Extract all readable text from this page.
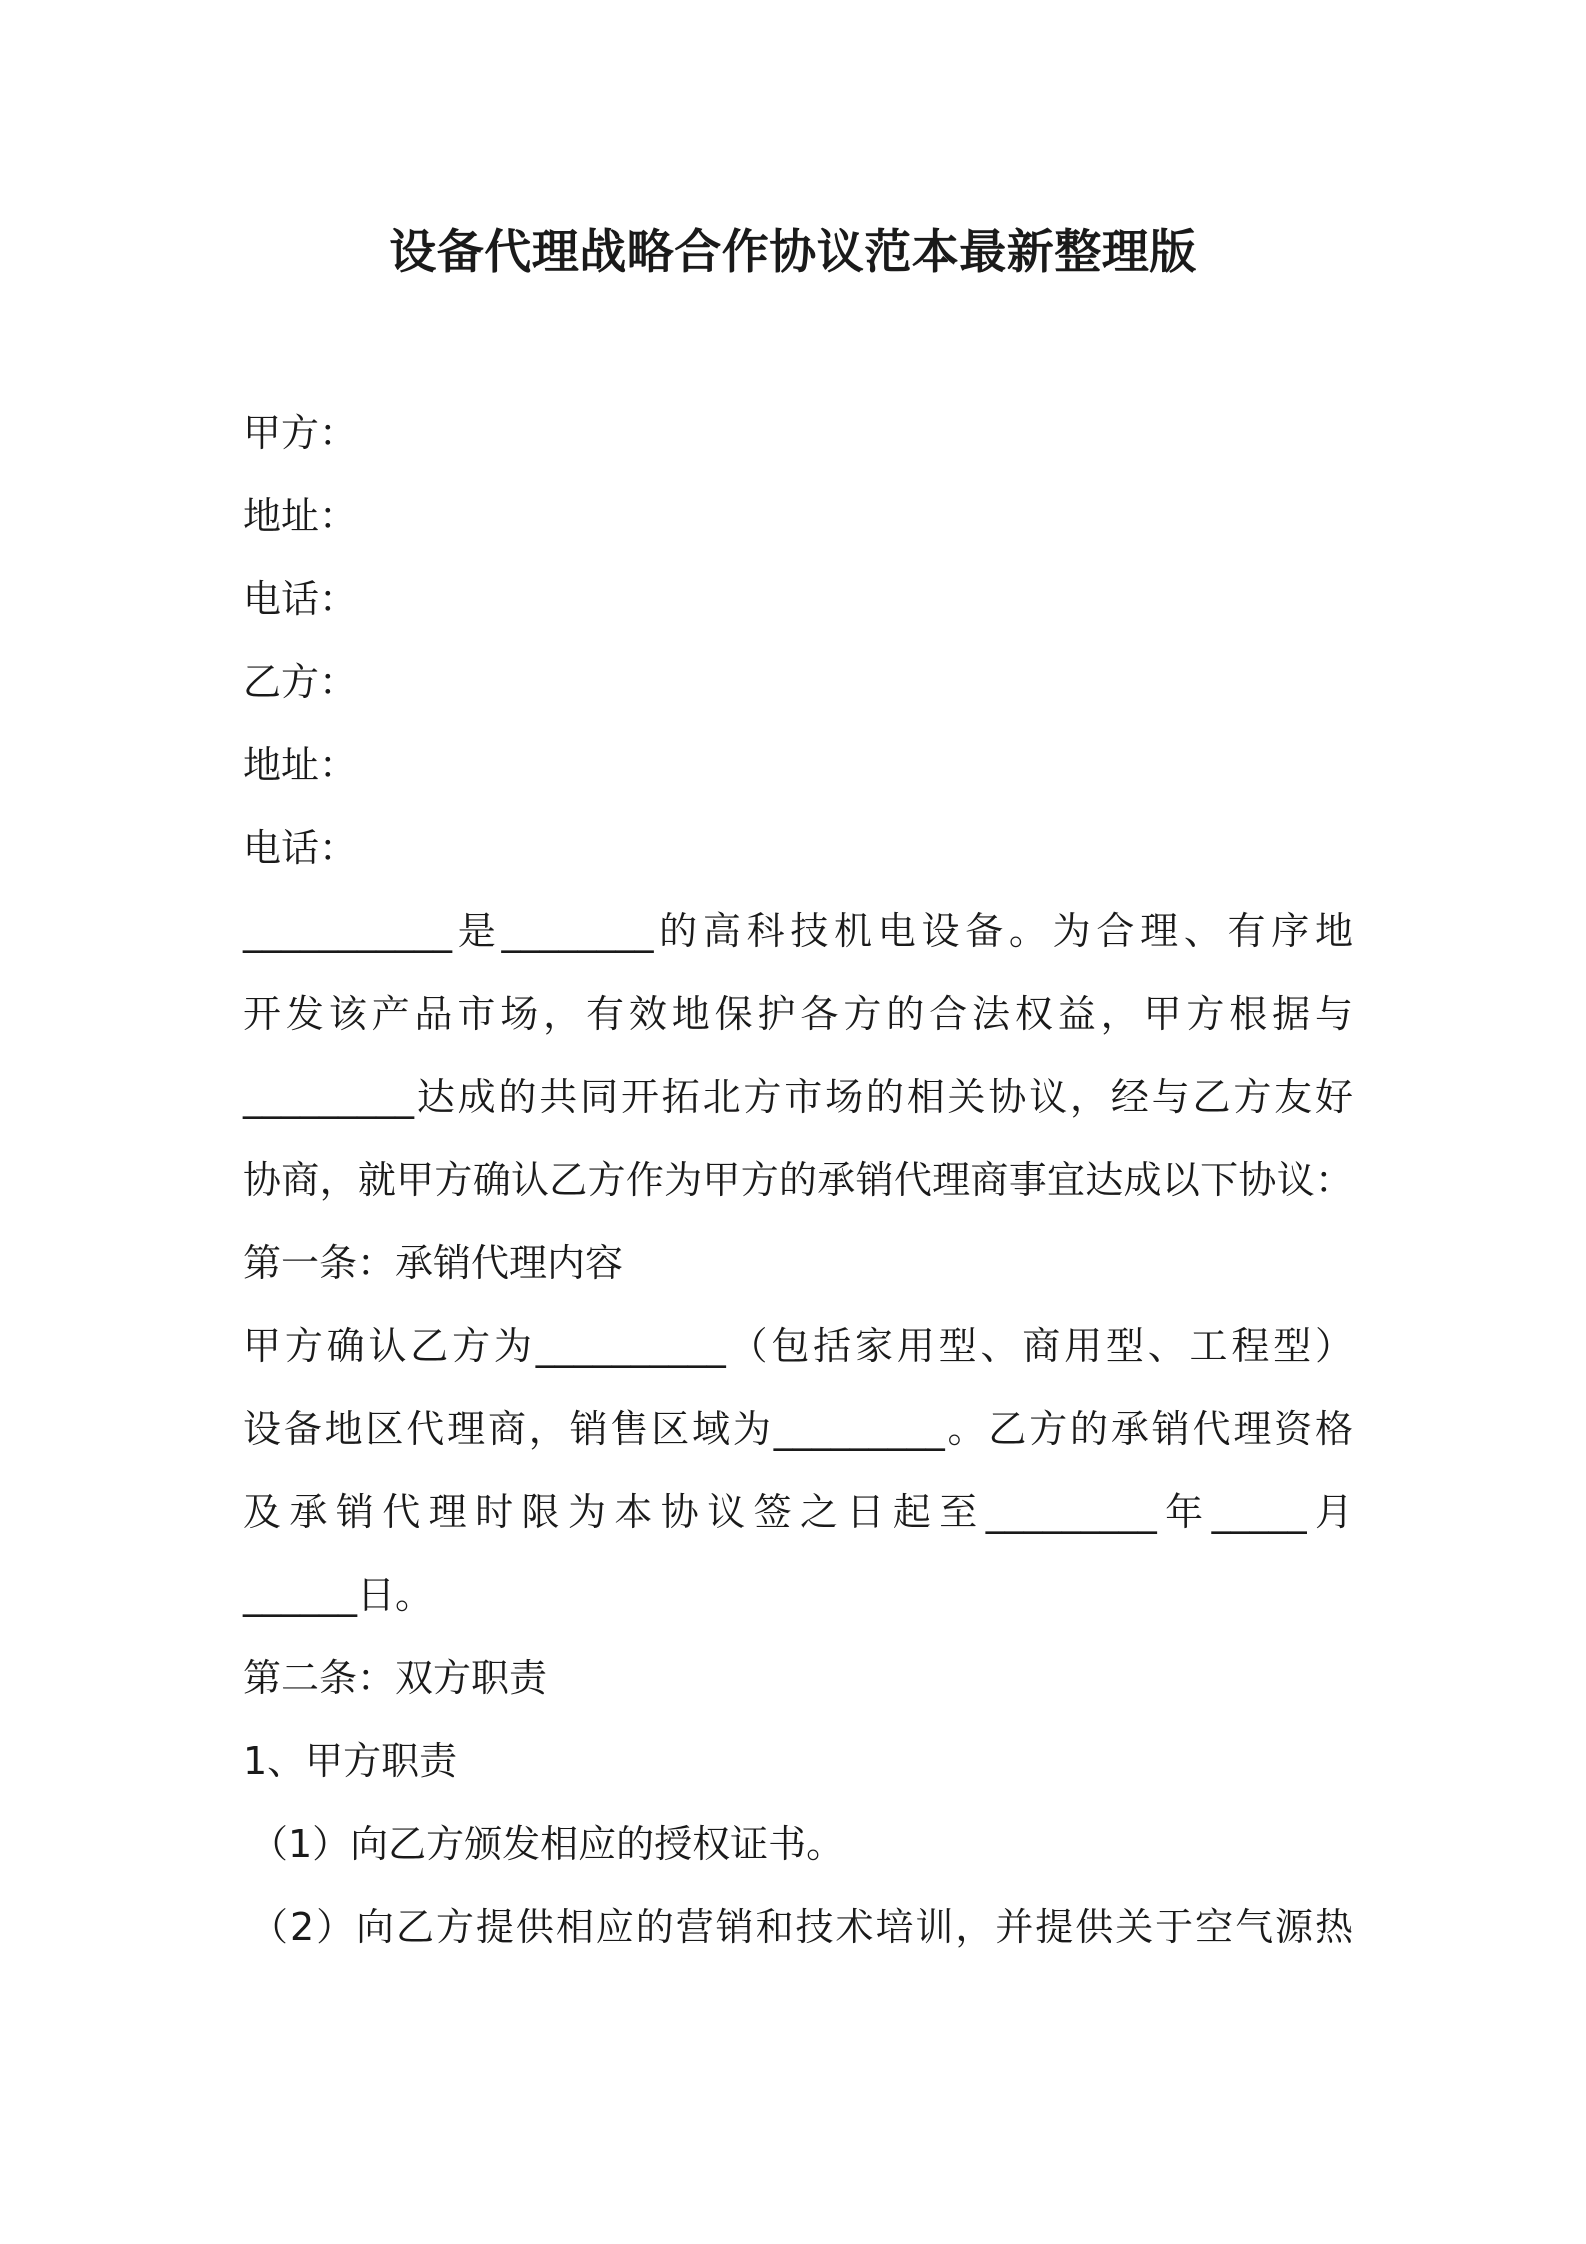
设备代理战略合作协议范本最新整理版
甲方：
地址：
电话：
乙方：
地址：
电话：
___________是________的高科技机电设备。为合理、有序地
开发该产品市场，有效地保护各方的合法权益，甲方根据与
_________达成的共同开拓北方市场的相关协议，经与乙方友好
协商，就甲方确认乙方作为甲方的承销代理商事宜达成以下协议：
第一条：承销代理内容
甲方确认乙方为__________（包括家用型、商用型、工程型）
设备地区代理商，销售区域为_________。乙方的承销代理资格
及承销代理时限为本协议签之日起至_________年_____月
______日。
第二条：双方职责
1、甲方职责
（1）向乙方颁发相应的授权证书。
（2）向乙方提供相应的营销和技术培训，并提供关于空气源热
